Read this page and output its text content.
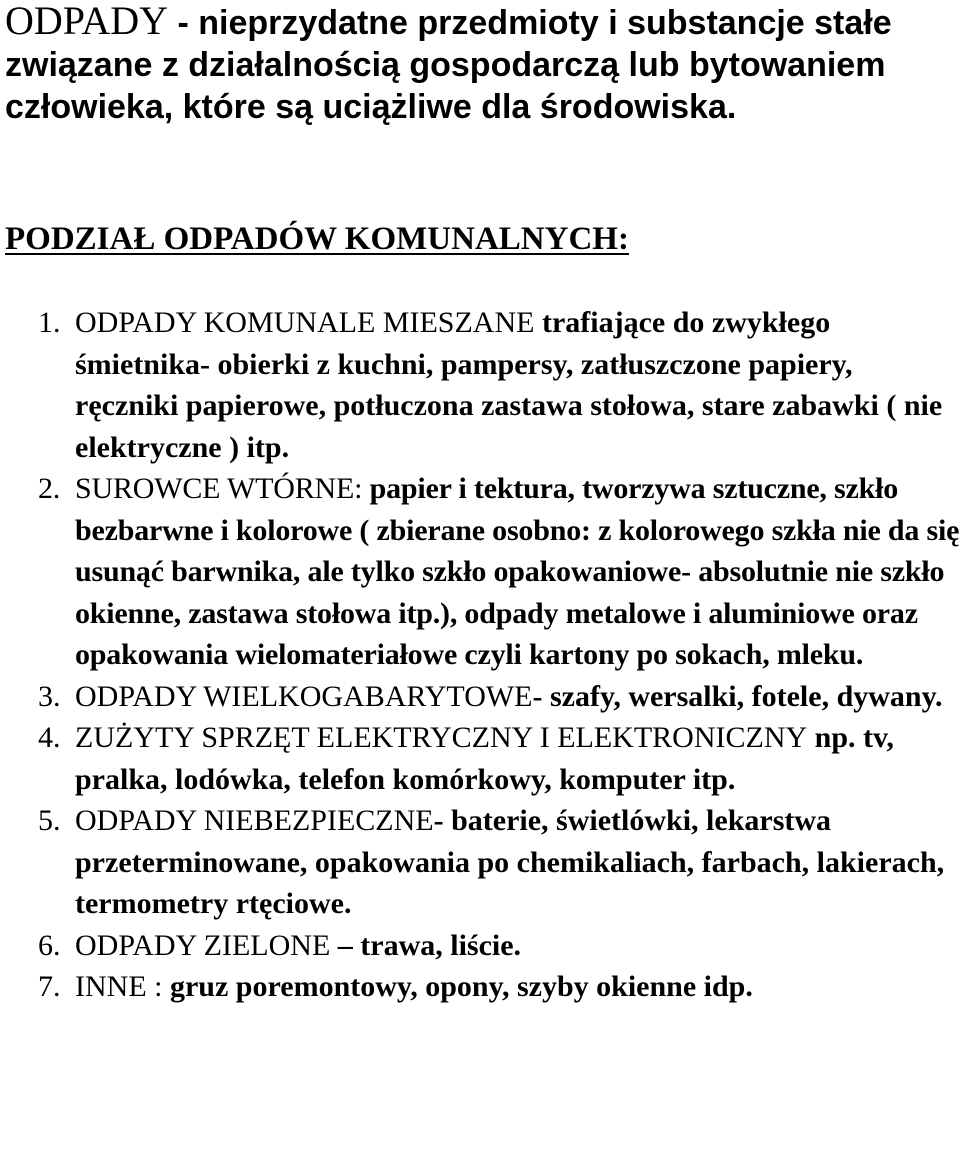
ODPADY - nieprzydatne przedmioty i substancje stałe związane z działalnością gospodarczą lub bytowaniem człowieka, które są uciążliwe dla środowiska.

PODZIAŁ ODPADÓW KOMUNALNYCH:
1. ODPADY KOMUNALE MIESZANE trafiające do zwykłego śmietnika- obierki z kuchni, pampersy, zatłuszczone papiery, ręczniki papierowe, potłuczona zastawa stołowa, stare zabawki ( nie elektryczne ) itp.
2. SUROWCE WTÓRNE: papier i tektura, tworzywa sztuczne, szkło bezbarwne i kolorowe ( zbierane osobno: z kolorowego szkła nie da się usunąć barwnika, ale tylko szkło opakowaniowe- absolutnie nie szkło okienne, zastawa stołowa itp.), odpady metalowe i aluminiowe oraz opakowania wielomateriałowe czyli kartony po sokach, mleku.
3. ODPADY WIELKOGABARYTOWE- szafy, wersalki, fotele, dywany.
4. ZUŻYTY SPRZĘT ELEKTRYCZNY I ELEKTRONICZNY np. tv, pralka, lodówka, telefon komórkowy, komputer itp.
5. ODPADY NIEBEZPIECZNE- baterie, świetlówki, lekarstwa przeterminowane, opakowania po chemikaliach, farbach, lakierach, termometry rtęciowe.
6. ODPADY ZIELONE – trawa, liście.
7. INNE : gruz poremontowy, opony, szyby okienne idp.
